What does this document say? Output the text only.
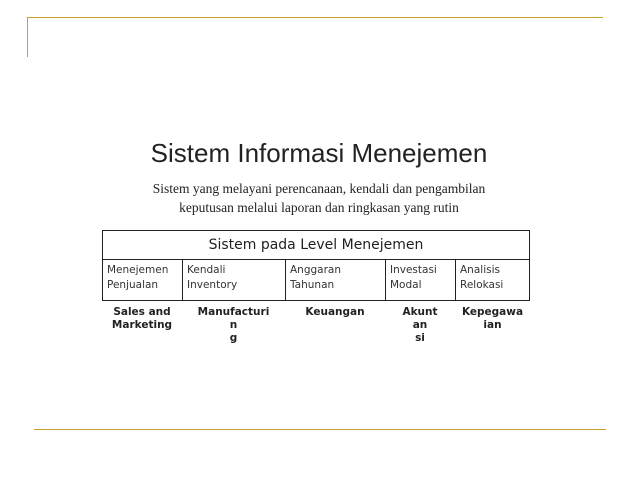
Sistem Informasi Menejemen
Sistem yang melayani perencanaan, kendali dan pengambilan
keputusan melalui laporan dan ringkasan yang rutin
Sistem pada Level Menejemen
Menejemen
Penjualan
Kendali
Inventory
Anggaran
Tahunan
Investasi
Modal
Analisis
Relokasi
Sales and
Marketing
Manufacturin
g
Keuangan	Akuntan
si
Kepegawa
ian
